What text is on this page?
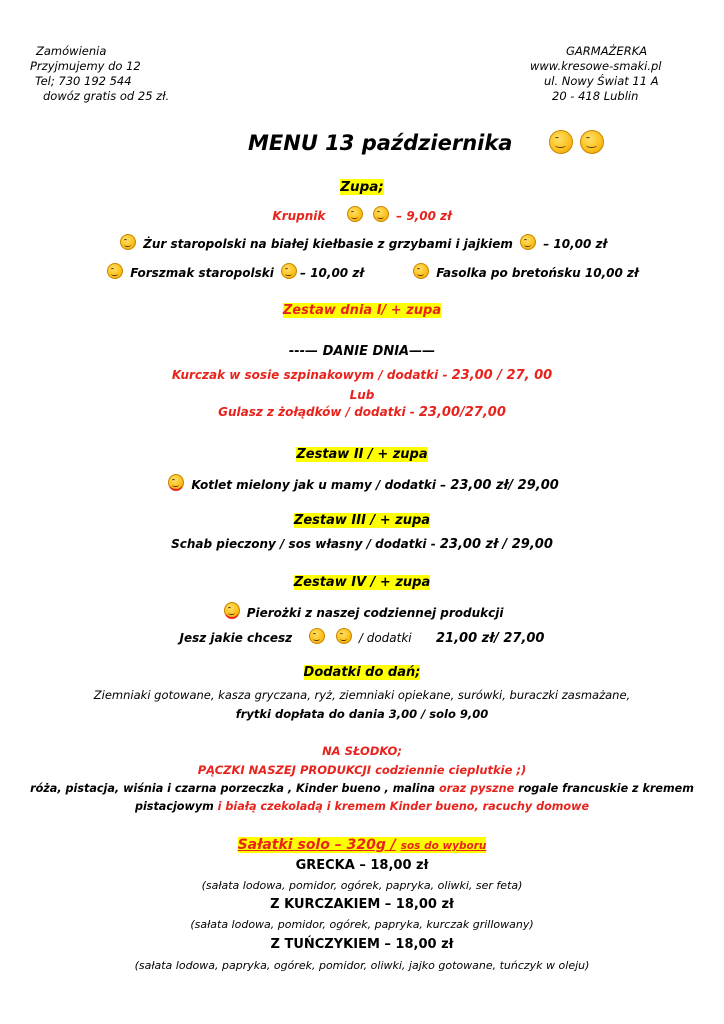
Zamówienia
Przyjmujemy do 12
Tel; 730 192 544
dowóz gratis od 25 zł.
GARMAŻERKA
www.kresowe-smaki.pl
ul. Nowy Świat 11 A
20 - 418 Lublin
MENU 13 października
Zupa;
Krupnik	– 9,00 zł
Żur staropolski na białej kiełbasie z grzybami i jajkiem	– 10,00 zł
Forszmak staropolski – 10,00 zł	Fasolka po bretońsku 10,00 zł
Zestaw dnia I/ + zupa
---— DANIE DNIA——
Kurczak w sosie szpinakowym / dodatki - 23,00 / 27, 00
Lub
Gulasz z żołądków / dodatki - 23,00/27,00
Zestaw II / + zupa
Kotlet mielony jak u mamy / dodatki – 23,00 zł/ 29,00
Zestaw III / + zupa
Schab pieczony / sos własny / dodatki - 23,00 zł / 29,00
Zestaw IV / + zupa
Pierożki z naszej codziennej produkcji
Jesz jakie chcesz	/ dodatki 21,00 zł/ 27,00
Dodatki do dań;
Ziemniaki gotowane, kasza gryczana, ryż, ziemniaki opiekane, surówki, buraczki zasmażane,
frytki dopłata do dania 3,00 / solo 9,00
NA SŁODKO;
PĄCZKI NASZEJ PRODUKCJI codziennie cieplutkie ;)
róża, pistacja, wiśnia i czarna porzeczka , Kinder bueno , malina oraz pyszne rogale francuskie z kremem
pistacjowym i białą czekoladą i kremem Kinder bueno, racuchy domowe
Sałatki solo – 320g / sos do wyboru
GRECKA – 18,00 zł
(sałata lodowa, pomidor, ogórek, papryka, oliwki, ser feta)
Z KURCZAKIEM – 18,00 zł
(sałata lodowa, pomidor, ogórek, papryka, kurczak grillowany)
Z TUŃCZYKIEM – 18,00 zł
(sałata lodowa, papryka, ogórek, pomidor, oliwki, jajko gotowane, tuńczyk w oleju)
